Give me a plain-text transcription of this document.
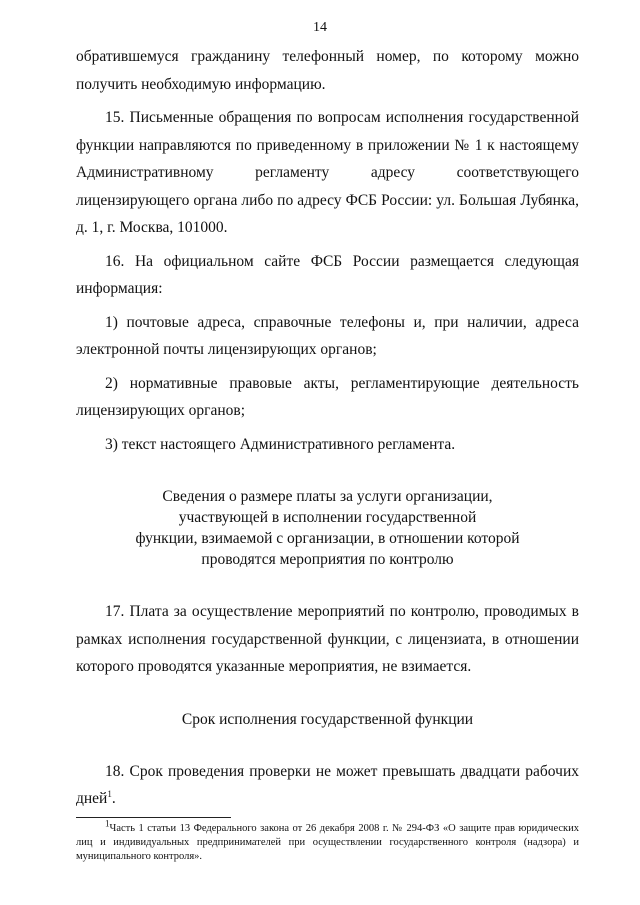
14

обратившемуся гражданину телефонный номер, по которому можно получить необходимую информацию.

15. Письменные обращения по вопросам исполнения государственной функции направляются по приведенному в приложении № 1 к настоящему Административному регламенту адресу соответствующего лицензирующего органа либо по адресу ФСБ России: ул. Большая Лубянка, д. 1, г. Москва, 101000.

16. На официальном сайте ФСБ России размещается следующая информация:

1) почтовые адреса, справочные телефоны и, при наличии, адреса электронной почты лицензирующих органов;

2) нормативные правовые акты, регламентирующие деятельность лицензирующих органов;

3) текст настоящего Административного регламента.

Сведения о размере платы за услуги организации,

участвующей в исполнении государственной

функции, взимаемой с организации, в отношении которой

проводятся мероприятия по контролю

17. Плата за осуществление мероприятий по контролю, проводимых в рамках исполнения государственной функции, с лицензиата, в отношении которого проводятся указанные мероприятия, не взимается.

Срок исполнения государственной функции

18. Срок проведения проверки не может превышать двадцати рабочих дней$^1$.

$^1$Часть 1 статьи 13 Федерального закона от 26 декабря 2008 г. № 294-ФЗ «О защите прав юридических лиц и индивидуальных предпринимателей при осуществлении государственного контроля (надзора) и муниципального контроля».
